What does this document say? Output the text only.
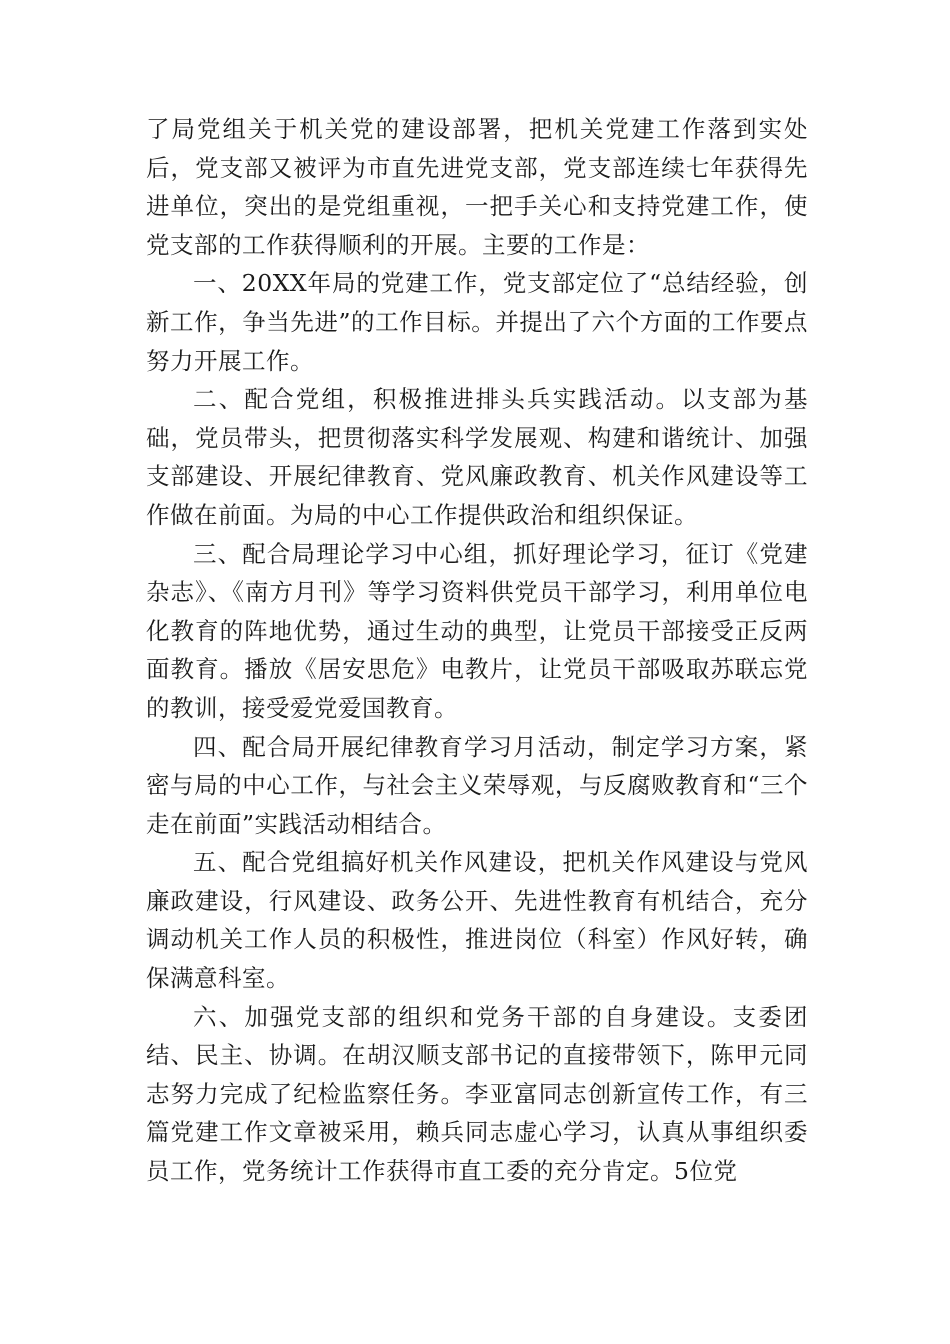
了局党组关于机关党的建设部署，把机关党建工作落到实处后，党支部又被评为市直先进党支部，党支部连续七年获得先进单位，突出的是党组重视，一把手关心和支持党建工作，使党支部的工作获得顺利的开展。主要的工作是：

一、20XX年局的党建工作，党支部定位了“总结经验，创新工作，争当先进”的工作目标。并提出了六个方面的工作要点努力开展工作。

二、配合党组，积极推进排头兵实践活动。以支部为基础，党员带头，把贯彻落实科学发展观、构建和谐统计、加强支部建设、开展纪律教育、党风廉政教育、机关作风建设等工作做在前面。为局的中心工作提供政治和组织保证。

三、配合局理论学习中心组，抓好理论学习，征订《党建杂志》、《南方月刊》等学习资料供党员干部学习，利用单位电化教育的阵地优势，通过生动的典型，让党员干部接受正反两面教育。播放《居安思危》电教片，让党员干部吸取苏联忘党的教训，接受爱党爱国教育。

四、配合局开展纪律教育学习月活动，制定学习方案，紧密与局的中心工作，与社会主义荣辱观，与反腐败教育和“三个走在前面”实践活动相结合。

五、配合党组搞好机关作风建设，把机关作风建设与党风廉政建设，行风建设、政务公开、先进性教育有机结合，充分调动机关工作人员的积极性，推进岗位（科室）作风好转，确保满意科室。

六、加强党支部的组织和党务干部的自身建设。支委团结、民主、协调。在胡汉顺支部书记的直接带领下，陈甲元同志努力完成了纪检监察任务。李亚富同志创新宣传工作，有三篇党建工作文章被采用，赖兵同志虚心学习，认真从事组织委员工作，党务统计工作获得市直工委的充分肯定。5位党
